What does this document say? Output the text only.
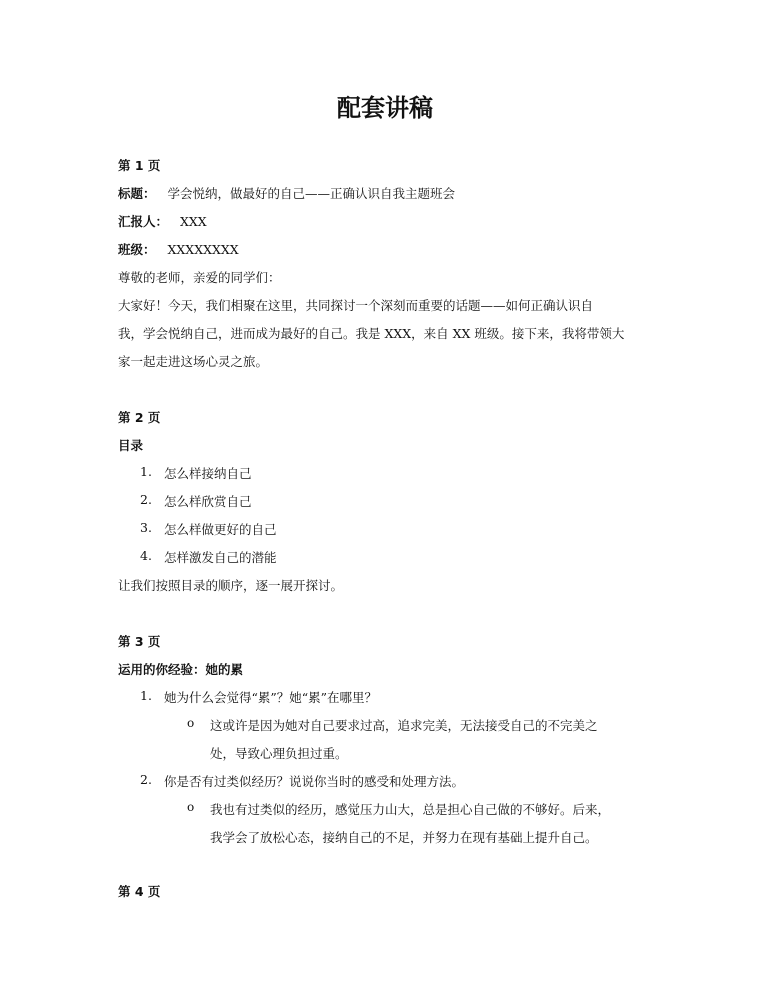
配套讲稿
第 1 页
标题： 学会悦纳，做最好的自己——正确认识自我主题班会
汇报人： XXX
班级： XXXXXXXX
尊敬的老师，亲爱的同学们：
大家好！今天，我们相聚在这里，共同探讨一个深刻而重要的话题——如何正确认识自
我，学会悦纳自己，进而成为最好的自己。我是 XXX，来自 XX 班级。接下来，我将带领大
家一起走进这场心灵之旅。
第 2 页
目录
1. 怎么样接纳自己
2. 怎么样欣赏自己
3. 怎么样做更好的自己
4. 怎样激发自己的潜能
让我们按照目录的顺序，逐一展开探讨。
第 3 页
运用的你经验：她的累
1. 她为什么会觉得“累”？她“累”在哪里？
o 这或许是因为她对自己要求过高，追求完美，无法接受自己的不完美之
处，导致心理负担过重。
2. 你是否有过类似经历？说说你当时的感受和处理方法。
o 我也有过类似的经历，感觉压力山大，总是担心自己做的不够好。后来，
我学会了放松心态，接纳自己的不足，并努力在现有基础上提升自己。
第 4 页
